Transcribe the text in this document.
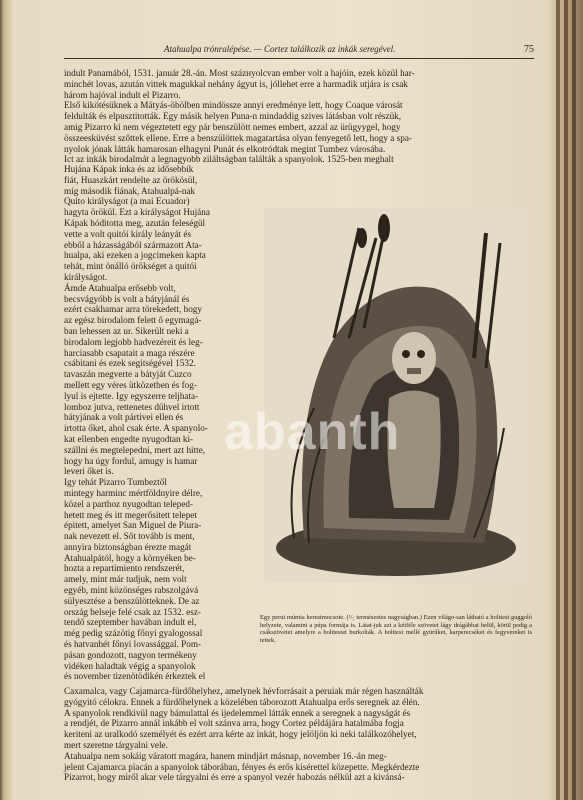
Atahualpa trónralépése. — Cortez találkozik az inkák seregével.	75
indult Panamából, 1531. január 28.-án. Most százнyolcvan ember volt a hajóin, ezek közül har-
minchét lovas, azután vittek magukkal nehány ágyut is, jóllehet erre a harmadik utjára is csak
három hajóval indult el Pizarro.
Első kikötésüknek a Mátyás-öbölben mindössze annyi eredménye lett, hogy Coaque városát
feldulták és elpusztitották. Egy másik helyen Puna-n mindaddig szives látásban volt részük,
amig Pizarro ki nem végeztetett egy pár benszülött nemes embert, azzal az ürügyygel, hogy
összeesküvést szőttek ellene. Erre a benszülöttek magatartása olyan fenyegető lett, hogy a spa-
nyolok jónak látták hamarosan elhagyni Punát és elkotródtak megint Tumbez városába.
Ict az inkák birodalmát a legnagyobb ziláltságban találták a spanyolok. 1525-ben meghalt
Hujána Kápak inka és az idősebbik
fiát, Huaszkárt rendelte az örökösül,
míg második fiának, Atahualpá-nak
Quito királyságot (a mai Ecuador)
hagyta örökül. Ezt a királyságot Hujána
Kápak hóditotta meg, azután feleségül
vette a volt quitói király leányát és
ebből a házasságából származott Ata-
hualpa, aki ezeken a jogcimeken kapta
tehát, mint önálló örökséget a quitói
királyságot.
Ámde Atahualpa erősebb volt,
becsvágyóbb is volt a bátyjánál és
ezért csakhamar arra törekedett, hogy
az egész birodalom felett ő egymagá-
ban lehessen az ur. Sikerült neki a
birodalom legjobb hadvezéreit és leg-
harciasabb csapatait a maga részére
csábitani és ezek segitségével 1532.
tavaszán megverte a bátyját Cuzco
mellett egy véres ütközetben és fog-
lyul is ejtette. Igy egyszerre teljhata-
lomboz jutva, rettenetes dühvel irtott
bátyjának a volt pártivei ellen és
irtotta őket, ahol csak érte. A spanyolo-
kat ellenben engedte nyugodtan ki-
szállni és megtelepedni, mert azt hitte,
hogy ha úgy fordul, amugy is hamar
leveri őket is.
Igy tehát Pizarro Tumbeztől
mintegy harminc mértföldnyire délre,
közel a parthoz nyugodtan teleped-
hetett meg és itt megerősitett telepet
épitett, amelyet San Miguel de Piura-
nak nevezett el. Sőt tovább is ment,
annyira biztonságban érezte magát
Atahualpától, hogy a környéken be-
hozta a repartimiento rendszerét,
amely, mint már tudjuk, nem volt
egyéb, mint közönséges rabszolgává
sülyesztése a benszülötteknek. De az
ország belseje felé csak az 1532. esz-
tendő szeptember havában indult el,
még pedig százötig főnyi gyalogossal
és hatvanhét főnyi lovassággal. Pom-
pásan gondozott, nagyon termékeny
vidéken haladtak végig a spanyolok
és november tizenötödikén érkeztek el
Caxamalca, vagy Cajamarca-fürdőhelyhez, amelynek hévforrásait a peruiak már régen használták
gyógyitó célokra. Ennek a fürdőhelynek a közelében táborozott Atahualpa erős seregnek az élén.
A spanyolok rendkivül nagy bámulattal és ijedelemmel látták ennek a seregnek a nagyságát és
a rendjét, de Pizarro annál inkább el volt szánva arra, hogy Cortez példájára hatalmába fogja
keriteni az uralkodó személyét és ezért arra kérte az inkát, hogy jelöljön ki neki találkozóhelyet,
mert szeretne tárgyalni vele.
Atahualpa nem sokáig váratott magára, hanem mindjárt másnap, november 16.-án meg-
jelent Cajamarca piacán a spanyolok táborában, fényes és erős kisérettel közepette. Megkérdezte
Pizarrot, hogy miről akar vele tárgyalni és erre a spanyol vezér habozás nélkül azt a kivánsá-
Egy perui múmia kerestmocsote. (¹/₅ természetes nagyságban.) Ezen világo-san látható a holttest guggoló helyzete, valamint a púpa formája is. Látat-juk azt a kétféle szövetet lágy drágábbat belül, körül pedig a csákszövetet amelyre a holttestet burkolták. A holttest mellé gyürűket, karperecséket és fegyvereket is tettek.
abanth
